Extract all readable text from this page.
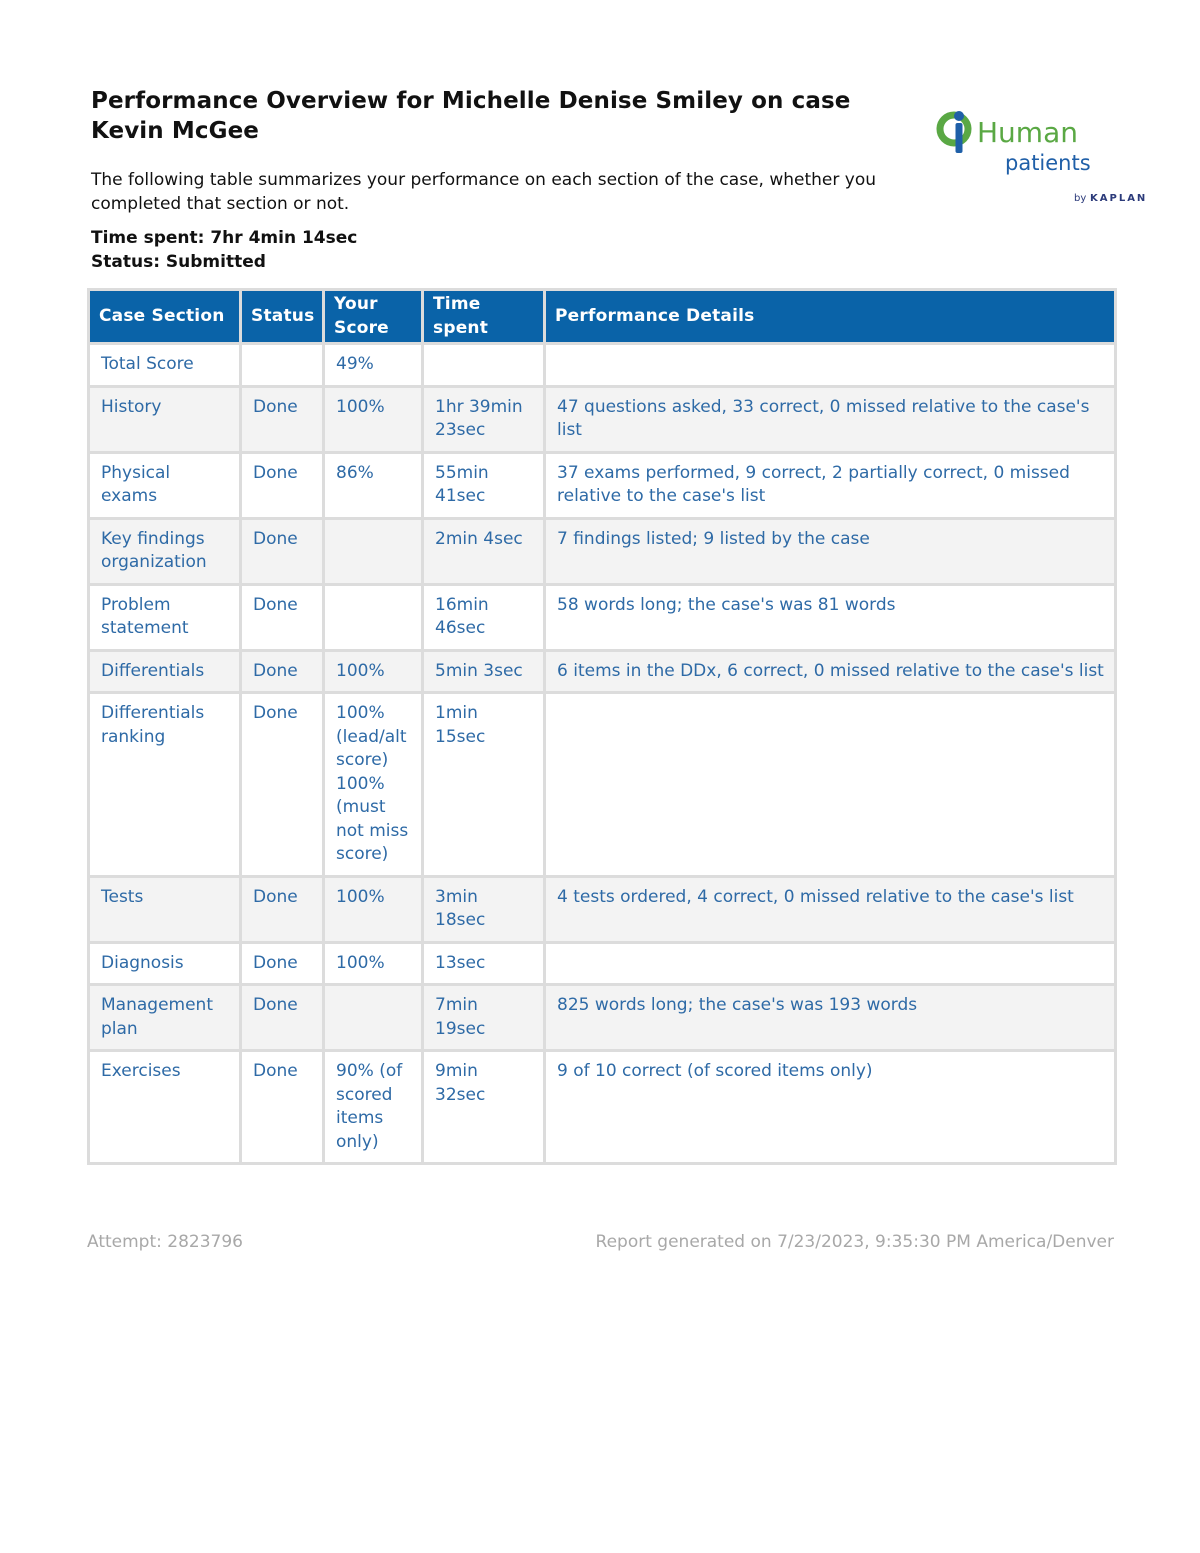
Performance Overview for Michelle Denise Smiley on case Kevin McGee

The following table summarizes your performance on each section of the case, whether you completed that section or not.

Time spent: 7hr 4min 14sec
Status: Submitted
Human
patients
by KAPLAN
Case Section	Status	Your Score	Time spent	Performance Details
Total Score		49%		
History	Done	100%	1hr 39min 23sec	47 questions asked, 33 correct, 0 missed relative to the case's list
Physical exams	Done	86%	55min 41sec	37 exams performed, 9 correct, 2 partially correct, 0 missed relative to the case's list
Key findings organization	Done		2min 4sec	7 findings listed; 9 listed by the case
Problem statement	Done		16min 46sec	58 words long; the case's was 81 words
Differentials	Done	100%	5min 3sec	6 items in the DDx, 6 correct, 0 missed relative to the case's list
Differentials ranking	Done	100% (lead/alt score) 100% (must not miss score)	1min 15sec	
Tests	Done	100%	3min 18sec	4 tests ordered, 4 correct, 0 missed relative to the case's list
Diagnosis	Done	100%	13sec	
Management plan	Done		7min 19sec	825 words long; the case's was 193 words
Exercises	Done	90% (of scored items only)	9min 32sec	9 of 10 correct (of scored items only)
Attempt: 2823796	Report generated on 7/23/2023, 9:35:30 PM America/Denver
